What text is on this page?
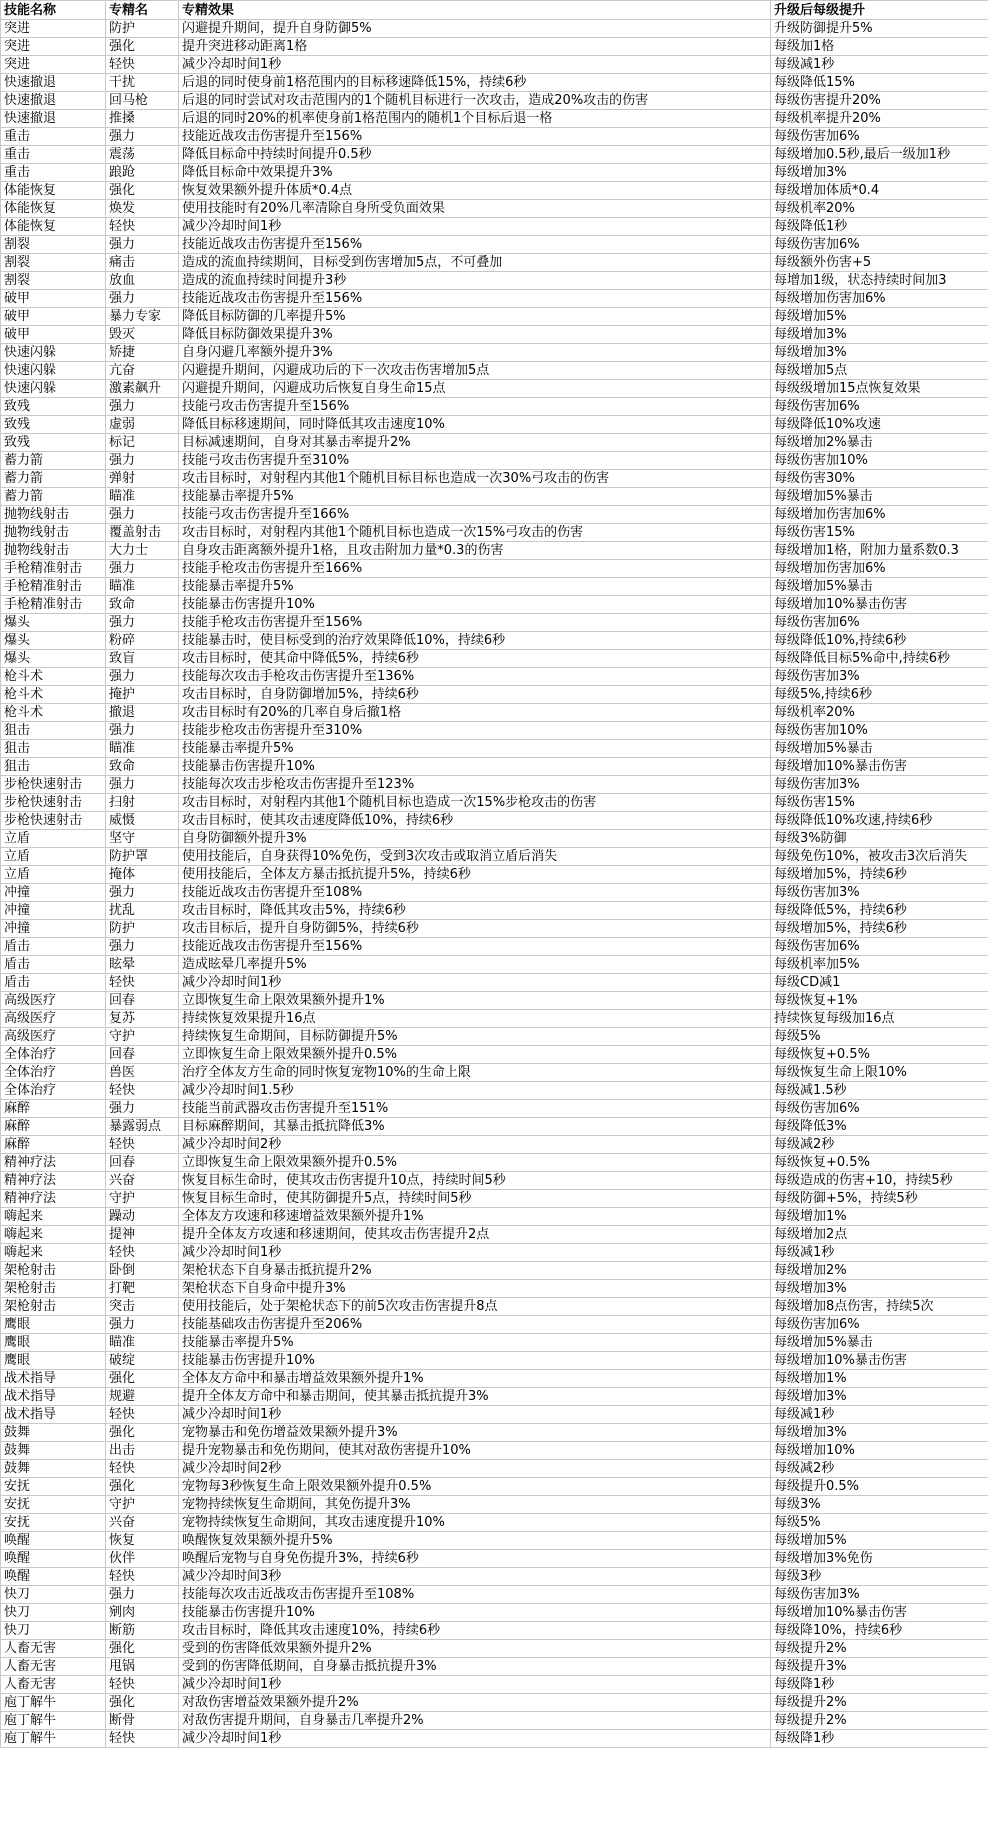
技能名称	专精名	专精效果	升级后每级提升
突进	防护	闪避提升期间，提升自身防御5%	升级防御提升5%
突进	强化	提升突进移动距离1格	每级加1格
突进	轻快	减少冷却时间1秒	每级减1秒
快速撤退	干扰	后退的同时使身前1格范围内的目标移速降低15%，持续6秒	每级降低15%
快速撤退	回马枪	后退的同时尝试对攻击范围内的1个随机目标进行一次攻击，造成20%攻击的伤害	每级伤害提升20%
快速撤退	推搡	后退的同时20%的机率使身前1格范围内的随机1个目标后退一格	每级机率提升20%
重击	强力	技能近战攻击伤害提升至156%	每级伤害加6%
重击	震荡	降低目标命中持续时间提升0.5秒	每级增加0.5秒,最后一级加1秒
重击	踉跄	降低目标命中效果提升3%	每级增加3%
体能恢复	强化	恢复效果额外提升体质*0.4点	每级增加体质*0.4
体能恢复	焕发	使用技能时有20%几率清除自身所受负面效果	每级机率20%
体能恢复	轻快	减少冷却时间1秒	每级降低1秒
割裂	强力	技能近战攻击伤害提升至156%	每级伤害加6%
割裂	痛击	造成的流血持续期间，目标受到伤害增加5点，不可叠加	每级额外伤害+5
割裂	放血	造成的流血持续时间提升3秒	每增加1级，状态持续时间加3
破甲	强力	技能近战攻击伤害提升至156%	每级增加伤害加6%
破甲	暴力专家	降低目标防御的几率提升5%	每级增加5%
破甲	毁灭	降低目标防御效果提升3%	每级增加3%
快速闪躲	矫捷	自身闪避几率额外提升3%	每级增加3%
快速闪躲	亢奋	闪避提升期间，闪避成功后的下一次攻击伤害增加5点	每级增加5点
快速闪躲	激素飙升	闪避提升期间，闪避成功后恢复自身生命15点	每级级增加15点恢复效果
致残	强力	技能弓攻击伤害提升至156%	每级伤害加6%
致残	虚弱	降低目标移速期间，同时降低其攻击速度10%	每级降低10%攻速
致残	标记	目标减速期间，自身对其暴击率提升2%	每级增加2%暴击
蓄力箭	强力	技能弓攻击伤害提升至310%	每级伤害加10%
蓄力箭	弹射	攻击目标时，对射程内其他1个随机目标目标也造成一次30%弓攻击的伤害	每级伤害30%
蓄力箭	瞄准	技能暴击率提升5%	每级增加5%暴击
抛物线射击	强力	技能弓攻击伤害提升至166%	每级增加伤害加6%
抛物线射击	覆盖射击	攻击目标时，对射程内其他1个随机目标也造成一次15%弓攻击的伤害	每级伤害15%
抛物线射击	大力士	自身攻击距离额外提升1格，且攻击附加力量*0.3的伤害	每级增加1格，附加力量系数0.3
手枪精准射击	强力	技能手枪攻击伤害提升至166%	每级增加伤害加6%
手枪精准射击	瞄准	技能暴击率提升5%	每级增加5%暴击
手枪精准射击	致命	技能暴击伤害提升10%	每级增加10%暴击伤害
爆头	强力	技能手枪攻击伤害提升至156%	每级伤害加6%
爆头	粉碎	技能暴击时，使目标受到的治疗效果降低10%，持续6秒	每级降低10%,持续6秒
爆头	致盲	攻击目标时，使其命中降低5%，持续6秒	每级降低目标5%命中,持续6秒
枪斗术	强力	技能每次攻击手枪攻击伤害提升至136%	每级伤害加3%
枪斗术	掩护	攻击目标时，自身防御增加5%，持续6秒	每级5%,持续6秒
枪斗术	撤退	攻击目标时有20%的几率自身后撤1格	每级机率20%
狙击	强力	技能步枪攻击伤害提升至310%	每级伤害加10%
狙击	瞄准	技能暴击率提升5%	每级增加5%暴击
狙击	致命	技能暴击伤害提升10%	每级增加10%暴击伤害
步枪快速射击	强力	技能每次攻击步枪攻击伤害提升至123%	每级伤害加3%
步枪快速射击	扫射	攻击目标时，对射程内其他1个随机目标也造成一次15%步枪攻击的伤害	每级伤害15%
步枪快速射击	威慑	攻击目标时，使其攻击速度降低10%，持续6秒	每级降低10%攻速,持续6秒
立盾	坚守	自身防御额外提升3%	每级3%防御
立盾	防护罩	使用技能后，自身获得10%免伤，受到3次攻击或取消立盾后消失	每级免伤10%，被攻击3次后消失
立盾	掩体	使用技能后，全体友方暴击抵抗提升5%，持续6秒	每级增加5%，持续6秒
冲撞	强力	技能近战攻击伤害提升至108%	每级伤害加3%
冲撞	扰乱	攻击目标时，降低其攻击5%，持续6秒	每级降低5%，持续6秒
冲撞	防护	攻击目标后，提升自身防御5%，持续6秒	每级增加5%，持续6秒
盾击	强力	技能近战攻击伤害提升至156%	每级伤害加6%
盾击	眩晕	造成眩晕几率提升5%	每级机率加5%
盾击	轻快	减少冷却时间1秒	每级CD减1
高级医疗	回春	立即恢复生命上限效果额外提升1%	每级恢复+1%
高级医疗	复苏	持续恢复效果提升16点	持续恢复每级加16点
高级医疗	守护	持续恢复生命期间，目标防御提升5%	每级5%
全体治疗	回春	立即恢复生命上限效果额外提升0.5%	每级恢复+0.5%
全体治疗	兽医	治疗全体友方生命的同时恢复宠物10%的生命上限	每级恢复生命上限10%
全体治疗	轻快	减少冷却时间1.5秒	每级减1.5秒
麻醉	强力	技能当前武器攻击伤害提升至151%	每级伤害加6%
麻醉	暴露弱点	目标麻醉期间，其暴击抵抗降低3%	每级降低3%
麻醉	轻快	减少冷却时间2秒	每级减2秒
精神疗法	回春	立即恢复生命上限效果额外提升0.5%	每级恢复+0.5%
精神疗法	兴奋	恢复目标生命时，使其攻击伤害提升10点，持续时间5秒	每级造成的伤害+10，持续5秒
精神疗法	守护	恢复目标生命时，使其防御提升5点，持续时间5秒	每级防御+5%，持续5秒
嗨起来	躁动	全体友方攻速和移速增益效果额外提升1%	每级增加1%
嗨起来	提神	提升全体友方攻速和移速期间，使其攻击伤害提升2点	每级增加2点
嗨起来	轻快	减少冷却时间1秒	每级减1秒
架枪射击	卧倒	架枪状态下自身暴击抵抗提升2%	每级增加2%
架枪射击	打靶	架枪状态下自身命中提升3%	每级增加3%
架枪射击	突击	使用技能后，处于架枪状态下的前5次攻击伤害提升8点	每级增加8点伤害，持续5次
鹰眼	强力	技能基础攻击伤害提升至206%	每级伤害加6%
鹰眼	瞄准	技能暴击率提升5%	每级增加5%暴击
鹰眼	破绽	技能暴击伤害提升10%	每级增加10%暴击伤害
战术指导	强化	全体友方命中和暴击增益效果额外提升1%	每级增加1%
战术指导	规避	提升全体友方命中和暴击期间，使其暴击抵抗提升3%	每级增加3%
战术指导	轻快	减少冷却时间1秒	每级减1秒
鼓舞	强化	宠物暴击和免伤增益效果额外提升3%	每级增加3%
鼓舞	出击	提升宠物暴击和免伤期间，使其对敌伤害提升10%	每级增加10%
鼓舞	轻快	减少冷却时间2秒	每级减2秒
安抚	强化	宠物每3秒恢复生命上限效果额外提升0.5%	每级提升0.5%
安抚	守护	宠物持续恢复生命期间，其免伤提升3%	每级3%
安抚	兴奋	宠物持续恢复生命期间，其攻击速度提升10%	每级5%
唤醒	恢复	唤醒恢复效果额外提升5%	每级增加5%
唤醒	伙伴	唤醒后宠物与自身免伤提升3%，持续6秒	每级增加3%免伤
唤醒	轻快	减少冷却时间3秒	每级3秒
快刀	强力	技能每次攻击近战攻击伤害提升至108%	每级伤害加3%
快刀	剜肉	技能暴击伤害提升10%	每级增加10%暴击伤害
快刀	断筋	攻击目标时，降低其攻击速度10%，持续6秒	每级降10%，持续6秒
人畜无害	强化	受到的伤害降低效果额外提升2%	每级提升2%
人畜无害	甩锅	受到的伤害降低期间，自身暴击抵抗提升3%	每级提升3%
人畜无害	轻快	减少冷却时间1秒	每级降1秒
庖丁解牛	强化	对敌伤害增益效果额外提升2%	每级提升2%
庖丁解牛	断骨	对敌伤害提升期间，自身暴击几率提升2%	每级提升2%
庖丁解牛	轻快	减少冷却时间1秒	每级降1秒
